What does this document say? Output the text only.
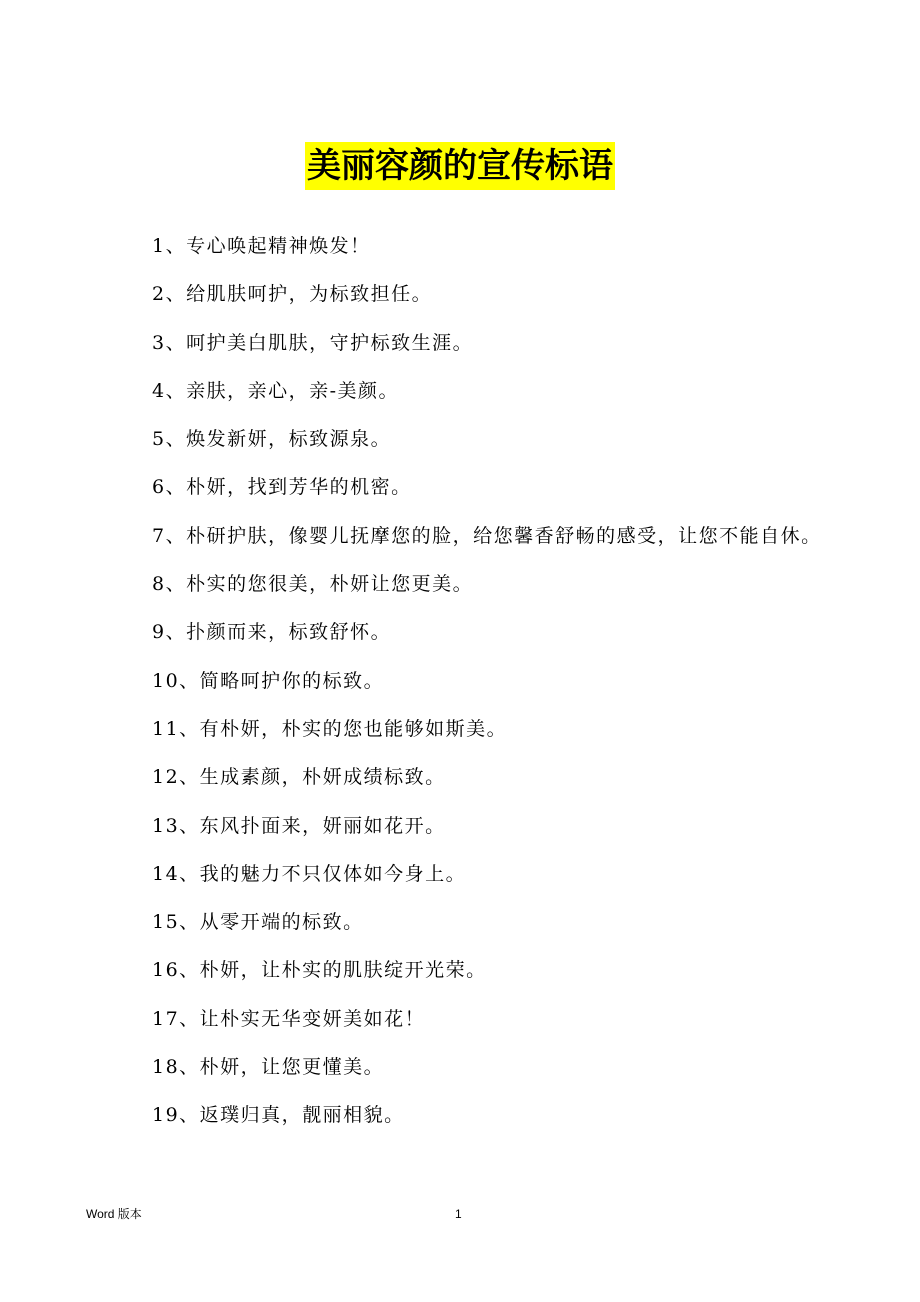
美丽容颜的宣传标语
1、专心唤起精神焕发！
2、给肌肤呵护，为标致担任。
3、呵护美白肌肤，守护标致生涯。
4、亲肤，亲心，亲-美颜。
5、焕发新妍，标致源泉。
6、朴妍，找到芳华的机密。
7、朴研护肤，像婴儿抚摩您的脸，给您馨香舒畅的感受，让您不能自休。
8、朴实的您很美，朴妍让您更美。
9、扑颜而来，标致舒怀。
10、简略呵护你的标致。
11、有朴妍，朴实的您也能够如斯美。
12、生成素颜，朴妍成绩标致。
13、东风扑面来，妍丽如花开。
14、我的魅力不只仅体如今身上。
15、从零开端的标致。
16、朴妍，让朴实的肌肤绽开光荣。
17、让朴实无华变妍美如花！
18、朴妍，让您更懂美。
19、返璞归真，靓丽相貌。
Word 版本	1
